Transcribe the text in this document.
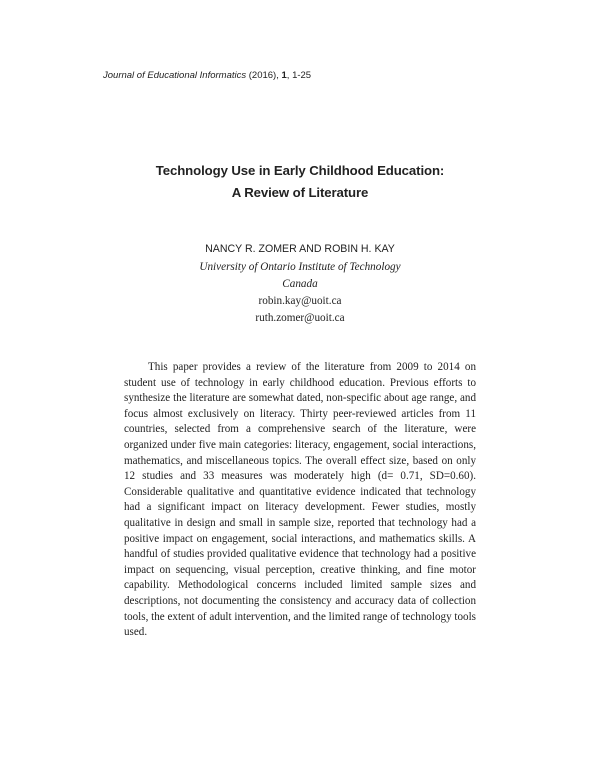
Journal of Educational Informatics (2016), 1, 1-25
Technology Use in Early Childhood Education:
A Review of Literature
NANCY R. ZOMER AND ROBIN H. KAY
University of Ontario Institute of Technology
Canada
robin.kay@uoit.ca
ruth.zomer@uoit.ca

This paper provides a review of the literature from 2009 to 2014 on student use of technology in early childhood education. Previous efforts to synthesize the literature are somewhat dated, non-specific about age range, and focus almost exclusively on literacy. Thirty peer-reviewed articles from 11 countries, selected from a comprehensive search of the literature, were organized under five main categories: literacy, engagement, social interactions, mathematics, and miscellaneous topics. The overall effect size, based on only 12 studies and 33 measures was moderately high (d= 0.71, SD=0.60). Considerable qualitative and quantitative evidence indicated that technology had a significant impact on literacy development. Fewer studies, mostly qualitative in design and small in sample size, reported that technology had a positive impact on engagement, social interactions, and mathematics skills. A handful of studies provided qualitative evidence that technology had a positive impact on sequencing, visual perception, creative thinking, and fine motor capability. Methodological concerns included limited sample sizes and descriptions, not documenting the consistency and accuracy data of collection tools, the extent of adult intervention, and the limited range of technology tools used.
